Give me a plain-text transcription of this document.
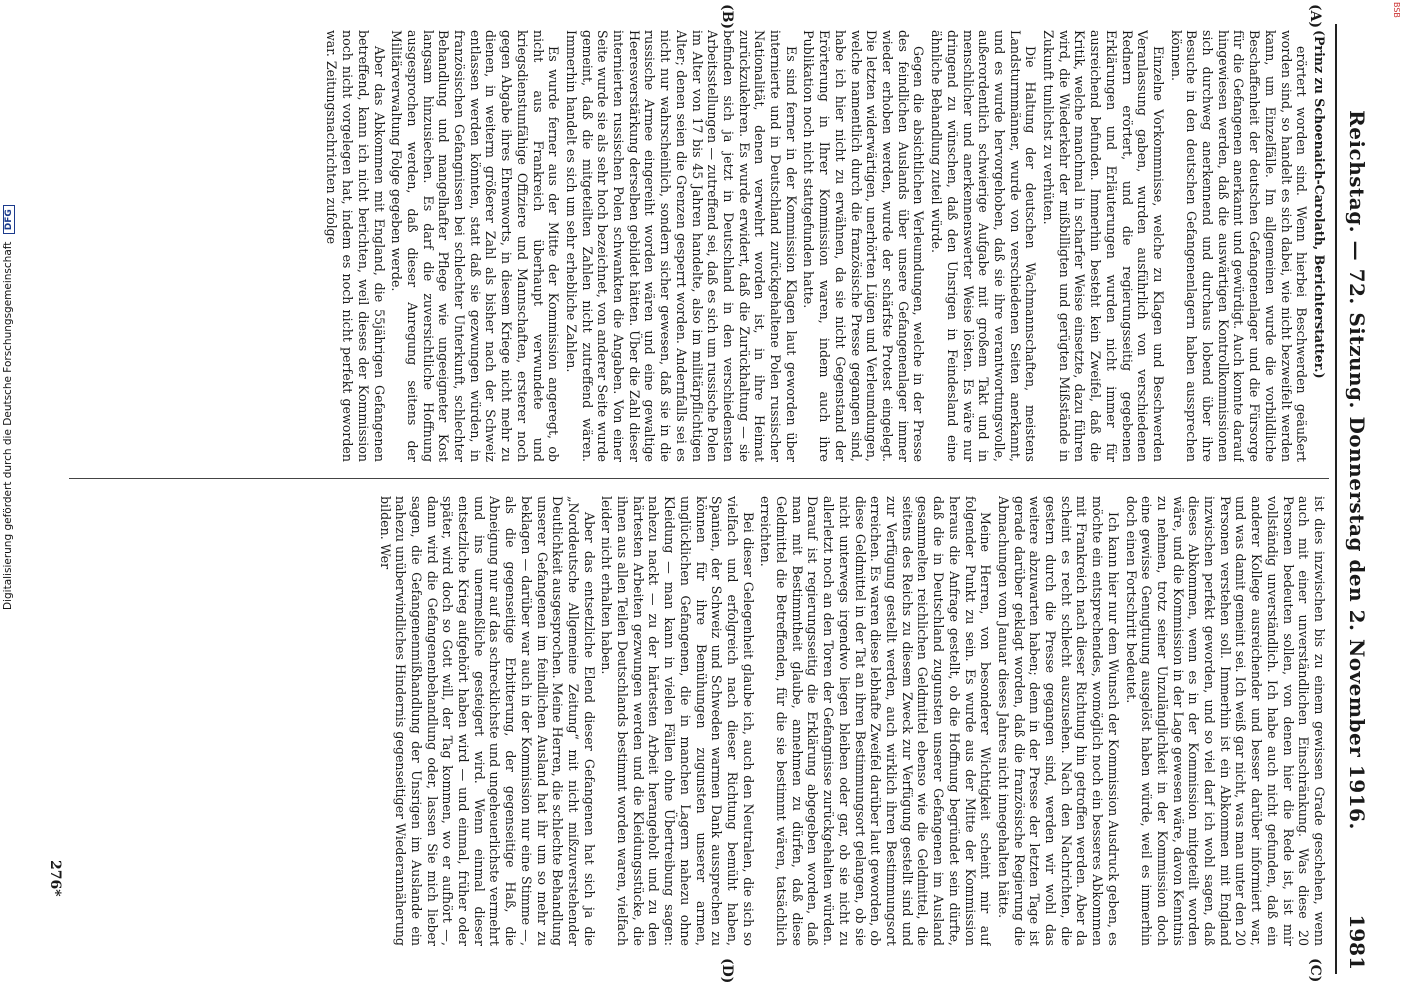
Reichstag. — 72. Sitzung. Donnerstag den 2. November 1916.
1981
(A)
(B)
(C)
(D)

(Prinz zu Schoenaich-Carolath, Berichterstatter.)

erörtert worden sind. Wenn hierbei Beschwerden geäußert worden sind, so handelt es sich dabei, wie nicht bezweifelt werden kann, um Einzelfälle. Im allgemeinen wurde die vorbildliche Beschaffenheit der deutschen Gefangenenlager und die Fürsorge für die Gefangenen anerkannt und gewürdigt. Auch konnte darauf hingewiesen werden, daß die auswärtigen Kontrollkommissionen sich durchweg anerkennend und durchaus lobend über ihre Besuche in den deutschen Gefangenenlagern haben aussprechen können.

Einzelne Vorkommnisse, welche zu Klagen und Beschwerden Veranlassung gaben, wurden ausführlich von verschiedenen Rednern erörtert, und die regierungsseitig gegebenen Erklärungen und Erläuterungen wurden nicht immer für ausreichend befunden. Immerhin besteht kein Zweifel, daß die Kritik, welche manchmal in scharfer Weise einsetzte, dazu führen wird, die Wiederkehr der mißbilligten und gerügten Mißstände in Zukunft tunlichst zu verhüten.

Die Haltung der deutschen Wachmannschaften, meistens Landsturmmänner, wurde von verschiedenen Seiten anerkannt, und es wurde hervorgehoben, daß sie ihre verantwortungsvolle, außerordentlich schwierige Aufgabe mit großem Takt und in menschlicher und anerkennenswerter Weise lösten. Es wäre nur dringend zu wünschen, daß den Unsrigen in Feindesland eine ähnliche Behandlung zuteil würde.

Gegen die absichtlichen Verleumdungen, welche in der Presse des feindlichen Auslands über unsere Gefangenenlager immer wieder erhoben werden, wurde der schärfste Protest eingelegt. Die letzten widerwärtigen, unerhörten Lügen und Verleumdungen, welche namentlich durch die französische Presse gegangen sind, habe ich hier nicht zu erwähnen, da sie nicht Gegenstand der Erörterung in Ihrer Kommission waren, indem auch ihre Publikation noch nicht stattgefunden hatte.

Es sind ferner in der Kommission Klagen laut geworden über internierte und in Deutschland zurückgehaltene Polen russischer Nationalität, denen verwehrt worden ist, in ihre Heimat zurückzukehren. Es wurde erwidert, daß die Zurückhaltung — sie befinden sich ja jetzt in Deutschland in den verschiedensten Arbeitsstellungen — zutreffend sei, daß es sich um russische Polen im Alter von 17 bis 45 Jahren handelte, also im militärpflichtigen Alter; denen seien die Grenzen gesperrt worden. Andernfalls sei es nicht nur wahrscheinlich, sondern sicher gewesen, daß sie in die russische Armee eingereiht worden wären und eine gewaltige Heeresverstärkung derselben gebildet hätten. Über die Zahl dieser internierten russischen Polen schwankten die Angaben. Von einer Seite wurde sie als sehr hoch bezeichnet, von anderer Seite wurde gemeint, daß die mitgeteilten Zahlen nicht zutreffend wären. Immerhin handelt es sich um sehr erhebliche Zahlen.

Es wurde ferner aus der Mitte der Kommission angeregt, ob nicht aus Frankreich überhaupt verwundete und kriegsdienstunfähige Offiziere und Mannschaften, ersterer noch gegen Abgabe ihres Ehrenworts, in diesem Kriege nicht mehr zu dienen, in weiterm größerer Zahl als bisher nach der Schweiz entlassen werden könnten, statt daß sie gezwungen würden, in französischen Gefangnissen bei schlechter Unterkunft, schlechter Behandlung und mangelhafter Pflege wie ungeeigneter Kost langsam hinzusiechen. Es darf die zuversichtliche Hoffnung ausgesprochen werden, daß dieser Anregung seitens der Militärverwaltung Folge gegeben werde.

Aber das Abkommen mit England, die 55jährigen Gefangenen betreffend, kann ich nicht berichten, weil dieses der Kommission noch nicht vorgelegen hat, indem es noch nicht perfekt geworden war. Zeitungsnachrichten zufolge

ist dies inzwischen bis zu einem gewissen Grade geschehen, wenn auch mit einer unverständlichen Einschränkung. Was diese 20 Personen bedeuten sollen, von denen hier die Rede ist, ist mir vollständig unverständlich. Ich habe auch nicht gefunden, daß ein anderer Kollege ausreichender und besser darüber informiert war, und was damit gemeint sei. Ich weiß gar nicht, was man unter den 20 Personen verstehen soll. Immerhin ist ein Abkommen mit England inzwischen perfekt geworden, und so viel darf ich wohl sagen, daß dieses Abkommen, wenn es in der Kommission mitgeteilt worden wäre, und die Kommission in der Lage gewesen wäre, davon Kenntnis zu nehmen, trotz seiner Unzulänglichkeit in der Kommission doch eine gewisse Genugtuung ausgelöst haben würde, weil es immerhin doch einen Fortschritt bedeutet.

Ich kann hier nur dem Wunsch der Kommission Ausdruck geben, es möchte ein entsprechendes, womöglich noch ein besseres Abkommen mit Frankreich nach dieser Richtung hin getroffen werden. Aber da scheint es recht schlecht auszusehen. Nach den Nachrichten, die gestern durch die Presse gegangen sind, werden wir wohl das weitere abzuwarten haben; denn in der Presse der letzten Tage ist gerade darüber geklagt worden, daß die französische Regierung die Abmachungen vom Januar dieses Jahres nicht innegehalten hätte.

Meine Herren, von besonderer Wichtigkeit scheint mir auf folgender Punkt zu sein. Es wurde aus der Mitte der Kommission heraus die Anfrage gestellt, ob die Hoffnung begründet sein dürfte, daß die in Deutschland zugunsten unserer Gefangenen im Ausland gesammelten reichlichen Geldmittel ebenso wie die Geldmittel, die seitens des Reichs zu diesem Zweck zur Verfügung gestellt sind und zur Verfügung gestellt werden, auch wirklich ihren Bestimmungsort erreichen. Es waren diese lebhafte Zweifel darüber laut geworden, ob diese Geldmittel in der Tat an ihren Bestimmungsort gelangen, ob sie nicht unterwegs irgendwo liegen bleiben oder gar, ob sie nicht zu allerletzt noch an den Toren der Gefangnisse zurückgehalten würden. Darauf ist regierungsseitig die Erklärung abgegeben worden, daß man mit Bestimmtheit glaube, annehmen zu dürfen, daß diese Geldmittel die Betreffenden, für die sie bestimmt wären, tatsächlich erreichten.

Bei dieser Gelegenheit glaube ich, auch den Neutralen, die sich so vielfach und erfolgreich nach dieser Richtung bemüht haben, Spanien, der Schweiz und Schweden warmen Dank aussprechen zu können für ihre Bemühungen zugunsten unserer armen, unglücklichen Gefangenen, die in manchen Lagern nahezu ohne Kleidung — man kann in vielen Fällen ohne Übertreibung sagen: nahezu nackt — zu der härtesten Arbeit herangeholt und zu den härtesten Arbeiten gezwungen werden und die Kleidungsstücke, die ihnen aus allen Teilen Deutschlands bestimmt worden waren, vielfach leider nicht erhalten haben.

Aber das entsetzliche Elend dieser Gefangenen hat sich ja die „Norddeutsche Allgemeine Zeitung“ mit nicht mißzuverstehender Deutlichkeit ausgesprochen. Meine Herren, die schlechte Behandlung unserer Gefangenen im feindlichen Ausland hat ihr um so mehr zu beklagen — darüber war auch in der Kommission nur eine Stimme —, als die gegenseitige Erbitterung, der gegenseitige Haß, die Abneigung nur auf das schrecklichste und ungeheuerlichste vermehrt und ins unermeßliche gesteigert wird. Wenn einmal dieser entsetzliche Krieg aufgehört haben wird — und einmal, früher oder später, wird doch so Gott will, der Tag kommen, wo er aufhört —, dann wird die Gefangenenbehandlung oder, lassen Sie mich lieber sagen, die Gefangenenmißhandlung der Unsrigen im Auslande ein nahezu unüberwindliches Hindernis gegenseitiger Wiederannäherung bilden. Wer

276*
Digitalisierung gefördert durch die Deutsche Forschungsgemeinschaft DFG
BSB
